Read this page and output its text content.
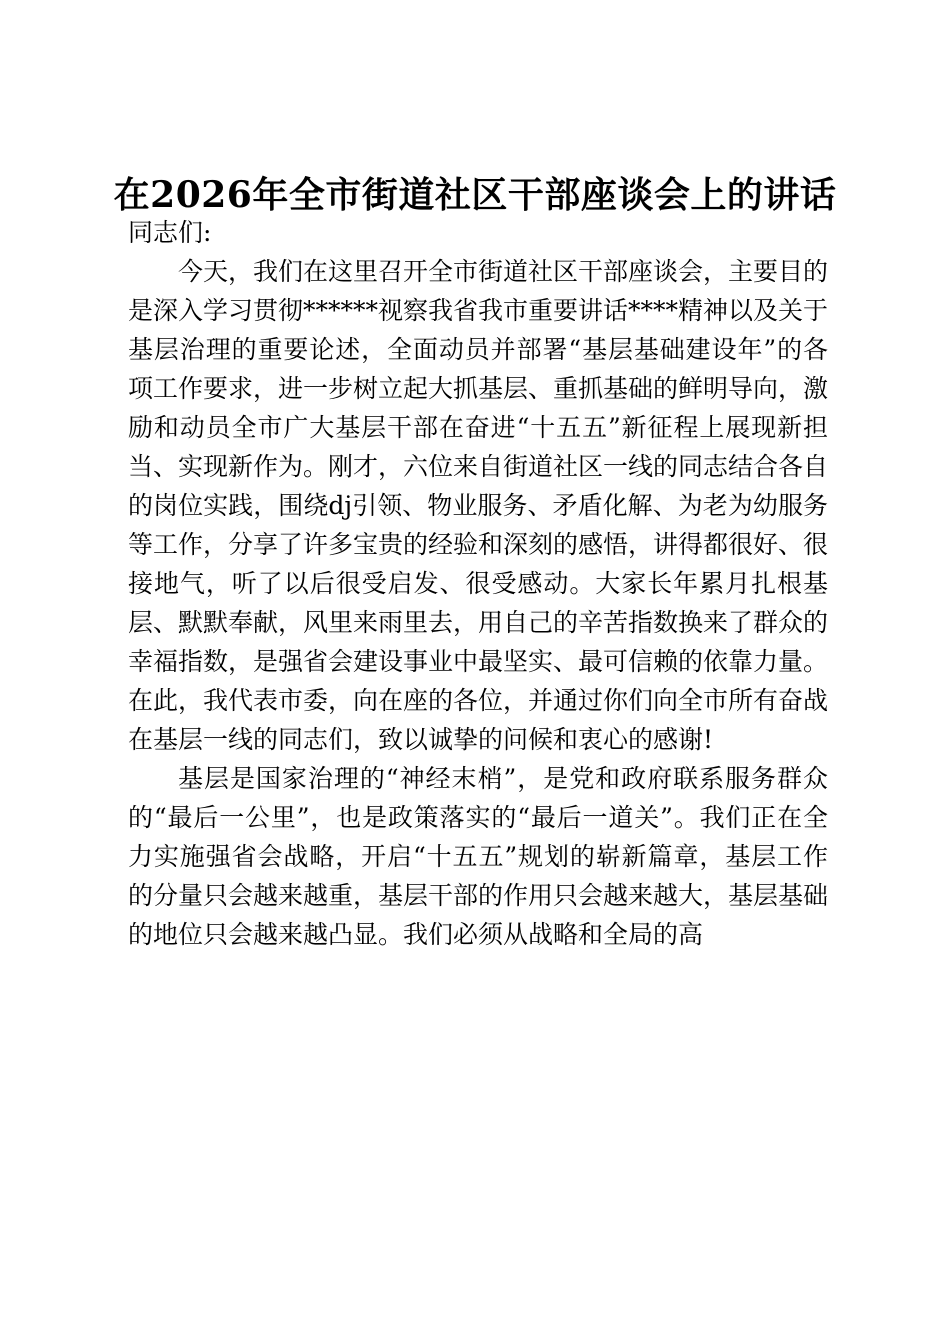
在2026年全市街道社区干部座谈会上的讲话

同志们:

今天，我们在这里召开全市街道社区干部座谈会，主要目的是深入学习贯彻******视察我省我市重要讲话****精神以及关于基层治理的重要论述，全面动员并部署“基层基础建设年”的各项工作要求，进一步树立起大抓基层、重抓基础的鲜明导向，激励和动员全市广大基层干部在奋进“十五五”新征程上展现新担当、实现新作为。刚才，六位来自街道社区一线的同志结合各自的岗位实践，围绕dj引领、物业服务、矛盾化解、为老为幼服务等工作，分享了许多宝贵的经验和深刻的感悟，讲得都很好、很接地气，听了以后很受启发、很受感动。大家长年累月扎根基层、默默奉献，风里来雨里去，用自己的辛苦指数换来了群众的幸福指数，是强省会建设事业中最坚实、最可信赖的依靠力量。在此，我代表市委，向在座的各位，并通过你们向全市所有奋战在基层一线的同志们，致以诚挚的问候和衷心的感谢!

基层是国家治理的“神经末梢”，是党和政府联系服务群众的“最后一公里”，也是政策落实的“最后一道关”。我们正在全力实施强省会战略，开启“十五五”规划的崭新篇章，基层工作的分量只会越来越重，基层干部的作用只会越来越大，基层基础的地位只会越来越凸显。我们必须从战略和全局的高
